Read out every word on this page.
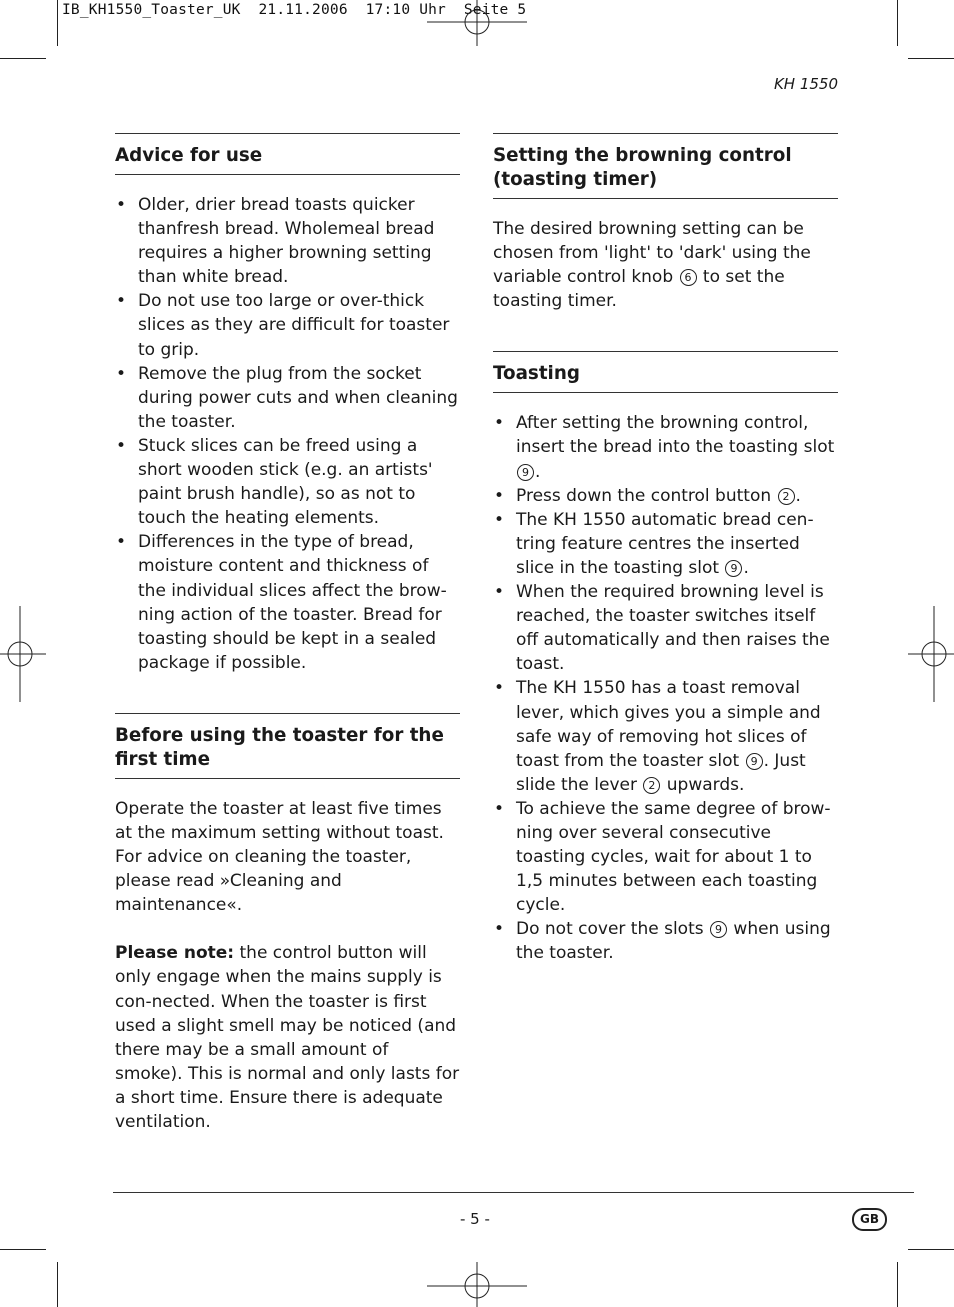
IB_KH1550_Toaster_UK  21.11.2006  17:10 Uhr  Seite 5
KH 1550
Advice for use
• Older, drier bread toasts quicker thanfresh bread. Wholemeal bread requires a higher browning setting than white bread.
• Do not use too large or over-thick slices as they are difficult for toaster to grip.
• Remove the plug from the socket during power cuts and when cleaning the toaster.
• Stuck slices can be freed using a short wooden stick (e.g. an artists' paint brush handle), so as not to touch the heating elements.
• Differences in the type of bread, moisture content and thickness of the individual slices affect the brow-ning action of the toaster. Bread for toasting should be kept in a sealed package if possible.
Before using the toaster for the first time

Operate the toaster at least five times at the maximum setting without toast. For advice on cleaning the toaster, please read »Cleaning and maintenance«.

Please note: the control button will only engage when the mains supply is con-nected. When the toaster is first used a slight smell may be noticed (and there may be a small amount of smoke). This is normal and only lasts for a short time. Ensure there is adequate ventilation.

Setting the browning control (toasting timer)

The desired browning setting can be chosen from 'light' to 'dark' using the variable control knob 6 to set the toasting timer.

Toasting
• After setting the browning control, insert the bread into the toasting slot 9 .
• Press down the control button 2 .
• The KH 1550 automatic bread cen-tring feature centres the inserted slice in the toasting slot 9 .
• When the required browning level is reached, the toaster switches itself off automatically and then raises the toast.
• The KH 1550 has a toast removal lever, which gives you a simple and safe way of removing hot slices of toast from the toaster slot 9 . Just slide the lever 2 upwards.
• To achieve the same degree of brow-ning over several consecutive toasting cycles, wait for about 1 to 1,5 minutes between each toasting cycle.
• Do not cover the slots 9 when using the toaster.
- 5 -	GB
